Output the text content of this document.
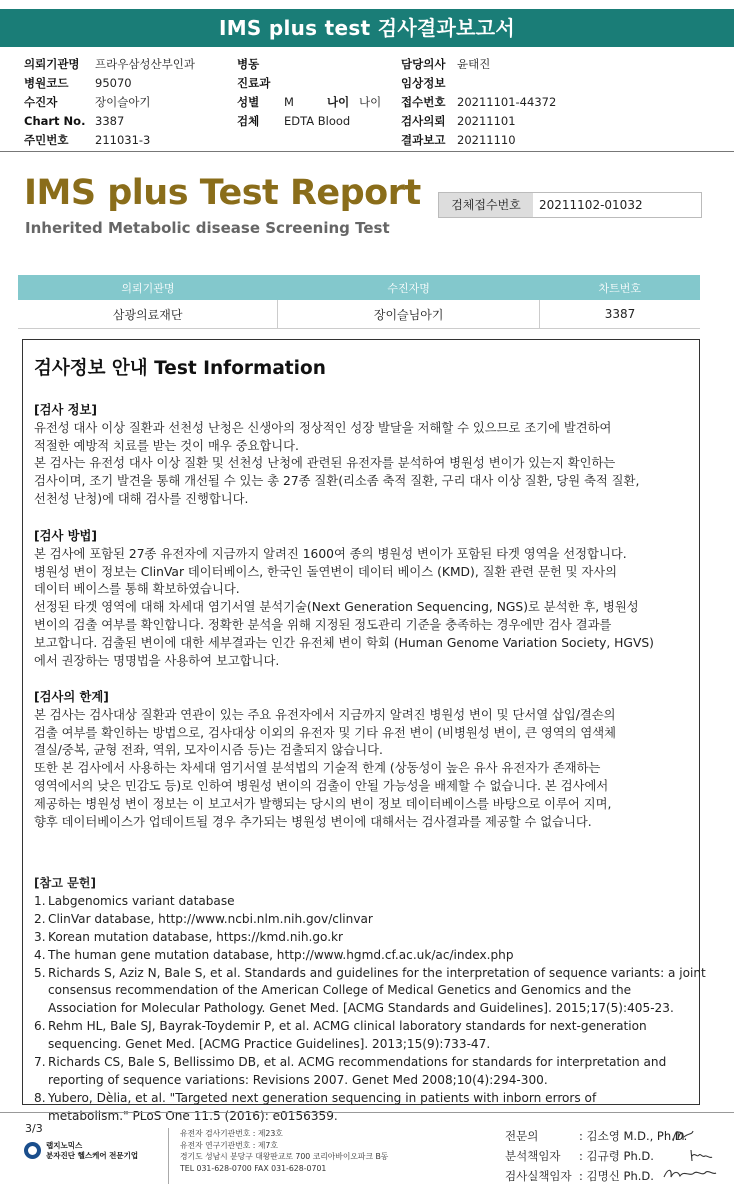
IMS plus test 검사결과보고서
의뢰기관명 프라우삼성산부인과
병원코드 95070
수진자	장이슬아기
Chart No. 3387
주민번호 211031-3
병동
진료과
성별 M	나이 나이
검체 EDTA Blood
담당의사 윤태진
임상정보
접수번호 20211101-44372
검사의뢰 20211101
결과보고 20211110
IMS plus Test Report
Inherited Metabolic disease Screening Test
검체접수번호	20211102-01032
의뢰기관명	수진자명	차트번호
삼광의료재단	장이슬님아기	3387
검사정보 안내 Test Information
[검사 정보]
유전성 대사 이상 질환과 선천성 난청은 신생아의 정상적인 성장 발달을 저해할 수 있으므로 조기에 발견하여
적절한 예방적 치료를 받는 것이 매우 중요합니다.
본 검사는 유전성 대사 이상 질환 및 선천성 난청에 관련된 유전자를 분석하여 병원성 변이가 있는지 확인하는
검사이며, 조기 발견을 통해 개선될 수 있는 총 27종 질환(리소좀 축적 질환, 구리 대사 이상 질환, 당원 축적 질환,
선천성 난청)에 대해 검사를 진행합니다.
[검사 방법]
본 검사에 포함된 27종 유전자에 지금까지 알려진 1600여 종의 병원성 변이가 포함된 타겟 영역을 선정합니다.
병원성 변이 정보는 ClinVar 데이터베이스, 한국인 돌연변이 데이터 베이스 (KMD), 질환 관련 문헌 및 자사의
데이터 베이스를 통해 확보하였습니다.
선정된 타겟 영역에 대해 차세대 염기서열 분석기술(Next Generation Sequencing, NGS)로 분석한 후, 병원성
변이의 검출 여부를 확인합니다. 정확한 분석을 위해 지정된 정도관리 기준을 충족하는 경우에만 검사 결과를
보고합니다. 검출된 변이에 대한 세부결과는 인간 유전체 변이 학회 (Human Genome Variation Society, HGVS)
에서 권장하는 명명법을 사용하여 보고합니다.
[검사의 한계]
본 검사는 검사대상 질환과 연관이 있는 주요 유전자에서 지금까지 알려진 병원성 변이 및 단서열 삽입/결손의
검출 여부를 확인하는 방법으로, 검사대상 이외의 유전자 및 기타 유전 변이 (비병원성 변이, 큰 영역의 염색체
결실/중복, 균형 전좌, 역위, 모자이시즘 등)는 검출되지 않습니다.
또한 본 검사에서 사용하는 차세대 염기서열 분석법의 기술적 한계 (상동성이 높은 유사 유전자가 존재하는
영역에서의 낮은 민감도 등)로 인하여 병원성 변이의 검출이 안될 가능성을 배제할 수 없습니다. 본 검사에서
제공하는 병원성 변이 정보는 이 보고서가 발행되는 당시의 변이 정보 데이터베이스를 바탕으로 이루어 지며,
향후 데이터베이스가 업데이트될 경우 추가되는 병원성 변이에 대해서는 검사결과를 제공할 수 없습니다.
[참고 문헌]
1. Labgenomics variant database
2. ClinVar database, http://www.ncbi.nlm.nih.gov/clinvar
3. Korean mutation database, https://kmd.nih.go.kr
4. The human gene mutation database, http://www.hgmd.cf.ac.uk/ac/index.php
5. Richards S, Aziz N, Bale S, et al. Standards and guidelines for the interpretation of sequence variants: a joint
consensus recommendation of the American College of Medical Genetics and Genomics and the
Association for Molecular Pathology. Genet Med. [ACMG Standards and Guidelines]. 2015;17(5):405-23.
6. Rehm HL, Bale SJ, Bayrak-Toydemir P, et al. ACMG clinical laboratory standards for next-generation
sequencing. Genet Med. [ACMG Practice Guidelines]. 2013;15(9):733-47.
7. Richards CS, Bale S, Bellissimo DB, et al. ACMG recommendations for standards for interpretation and
reporting of sequence variations: Revisions 2007. Genet Med 2008;10(4):294-300.
8. Yubero, Dèlia, et al. "Targeted next generation sequencing in patients with inborn errors of
metabolism." PLoS One 11.5 (2016): e0156359.
3/3
랩지노믹스
분자진단 헬스케어 전문기업
유전자 검사기관번호 : 제23호
유전자 연구기관번호 : 제7호
경기도 성남시 분당구 대왕판교로 700 코리아바이오파크 B동
TEL 031-628-0700 FAX 031-628-0701
전문의	: 김소영 M.D., Ph.D.
분석책임자 : 김규령 Ph.D.
검사실책임자 : 김명신 Ph.D.
